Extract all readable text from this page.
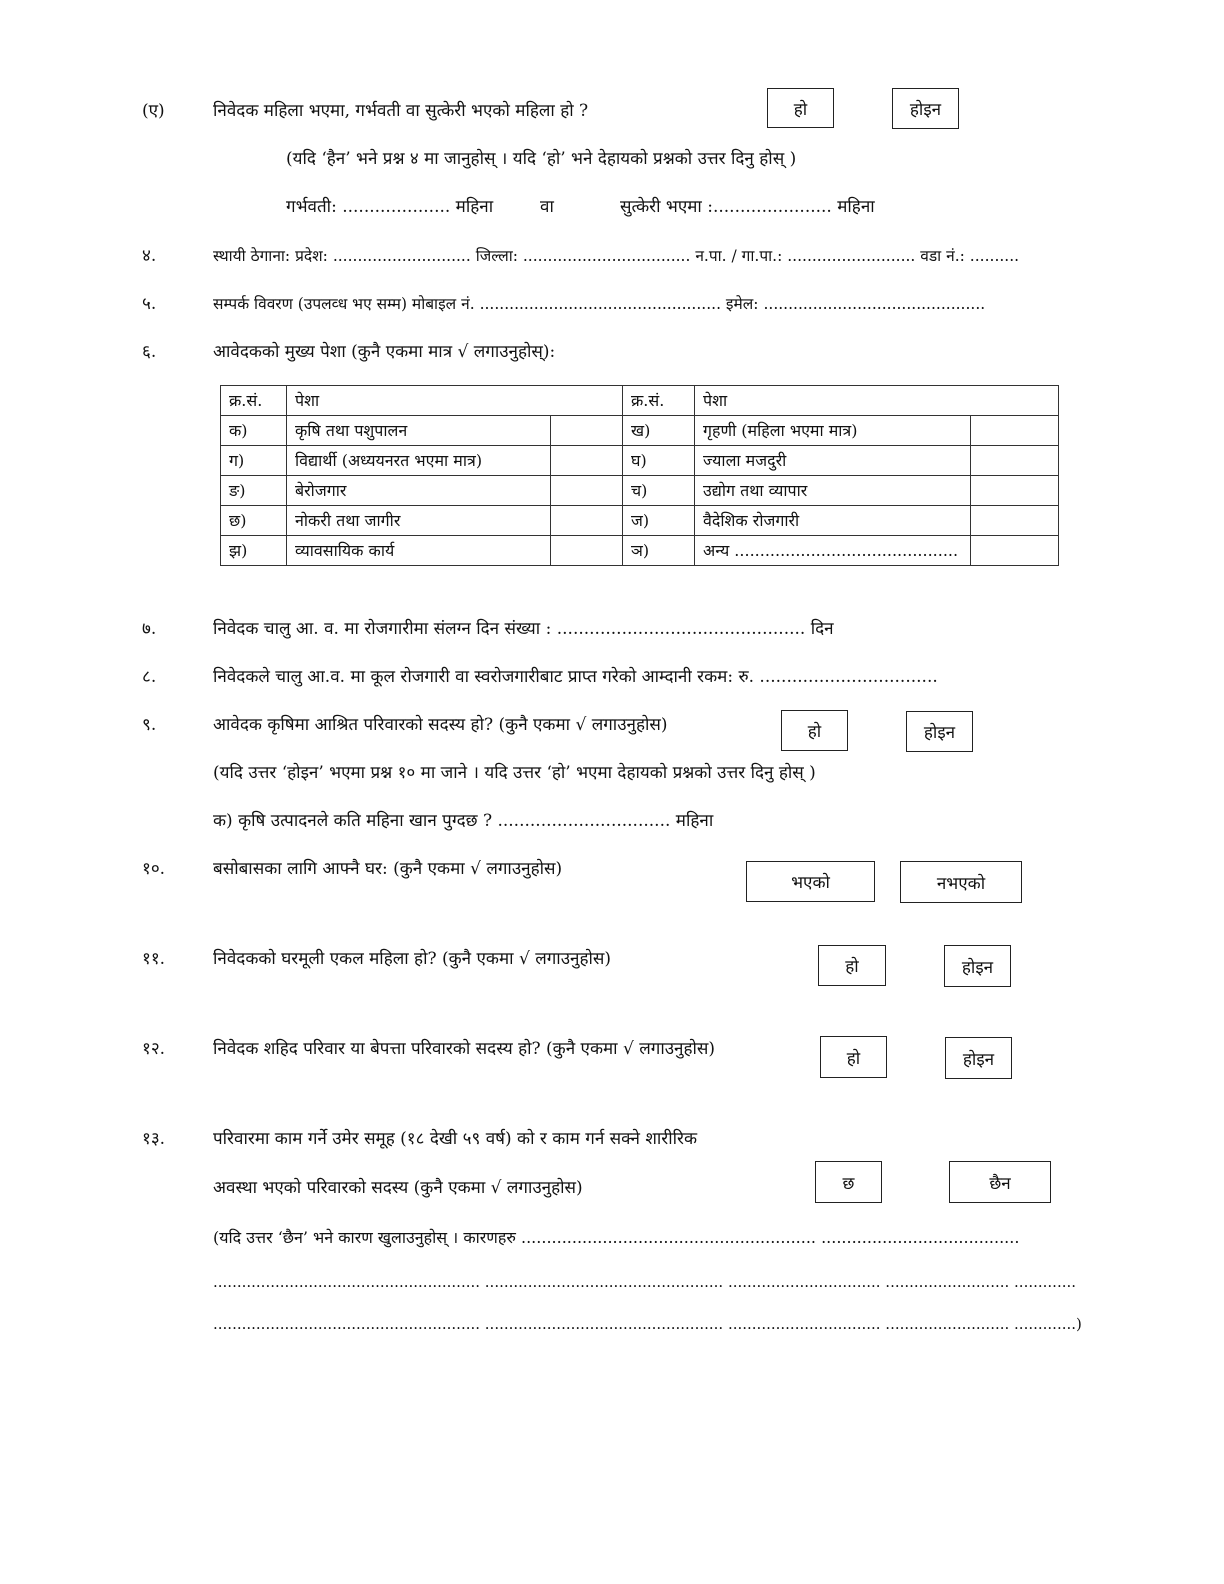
(ए)	निवेदक महिला भएमा, गर्भवती वा सुत्केरी भएको महिला हो ?	हो	होइन
(यदि ‘हैन’ भने प्रश्न ४ मा जानुहोस् । यदि ‘हो’ भने देहायको प्रश्नको उत्तर दिनु होस् )
गर्भवती: .................... महिना	वा	सुत्केरी भएमा :...................... महिना
४.	स्थायी ठेगाना: प्रदेश: ............................ जिल्ला: .................................. न.पा. / गा.पा.: .......................... वडा नं.: ..........
५.	सम्पर्क विवरण (उपलव्ध भए सम्म) मोबाइल नं. ................................................. इमेल: .............................................
६.	आवेदकको मुख्य पेशा (कुनै एकमा मात्र √ लगाउनुहोस्):
क्र.सं.	पेशा		क्र.सं.	पेशा	
क)	कृषि तथा पशुपालन		ख)	गृहणी (महिला भएमा मात्र)	
ग)	विद्यार्थी (अध्ययनरत भएमा मात्र)		घ)	ज्याला मजदुरी	
ङ)	बेरोजगार		च)	उद्योग तथा व्यापार	
छ)	नोकरी तथा जागीर		ज)	वैदेशिक रोजगारी	
झ)	व्यावसायिक कार्य		ञ)	अन्य ............................................	
७.	निवेदक चालु आ. व. मा रोजगारीमा संलग्न दिन संख्या : .............................................. दिन
८.	निवेदकले चालु आ.व. मा कूल रोजगारी वा स्वरोजगारीबाट प्राप्त गरेको आम्दानी रकम: रु. .................................
९.	आवेदक कृषिमा आश्रित परिवारको सदस्य हो? (कुनै एकमा √ लगाउनुहोस)	हो	होइन
(यदि उत्तर ‘होइन’ भएमा प्रश्न १० मा जाने । यदि उत्तर ‘हो’ भएमा देहायको प्रश्नको उत्तर दिनु होस् )
क) कृषि उत्पादनले कति महिना खान पुग्दछ ? ................................ महिना
१०.	बसोबासका लागि आफ्नै घर: (कुनै एकमा √ लगाउनुहोस)
भएको	नभएको
११.	निवेदकको घरमूली एकल महिला हो? (कुनै एकमा √ लगाउनुहोस)	हो	होइन
१२.	निवेदक शहिद परिवार या बेपत्ता परिवारको सदस्य हो? (कुनै एकमा √ लगाउनुहोस)	हो	होइन
१३.	परिवारमा काम गर्ने उमेर समूह (१८ देखी ५९ वर्ष) को र काम गर्न सक्ने शारीरिक
अवस्था भएको परिवारको सदस्य (कुनै एकमा √ लगाउनुहोस)	छ	छैन
(यदि उत्तर ‘छैन’ भने कारण खुलाउनुहोस् । कारणहरु .......................................................... .......................................
........................................................ .................................................. ................................ .......................... .............
........................................................ .................................................. ................................ .......................... .............)
